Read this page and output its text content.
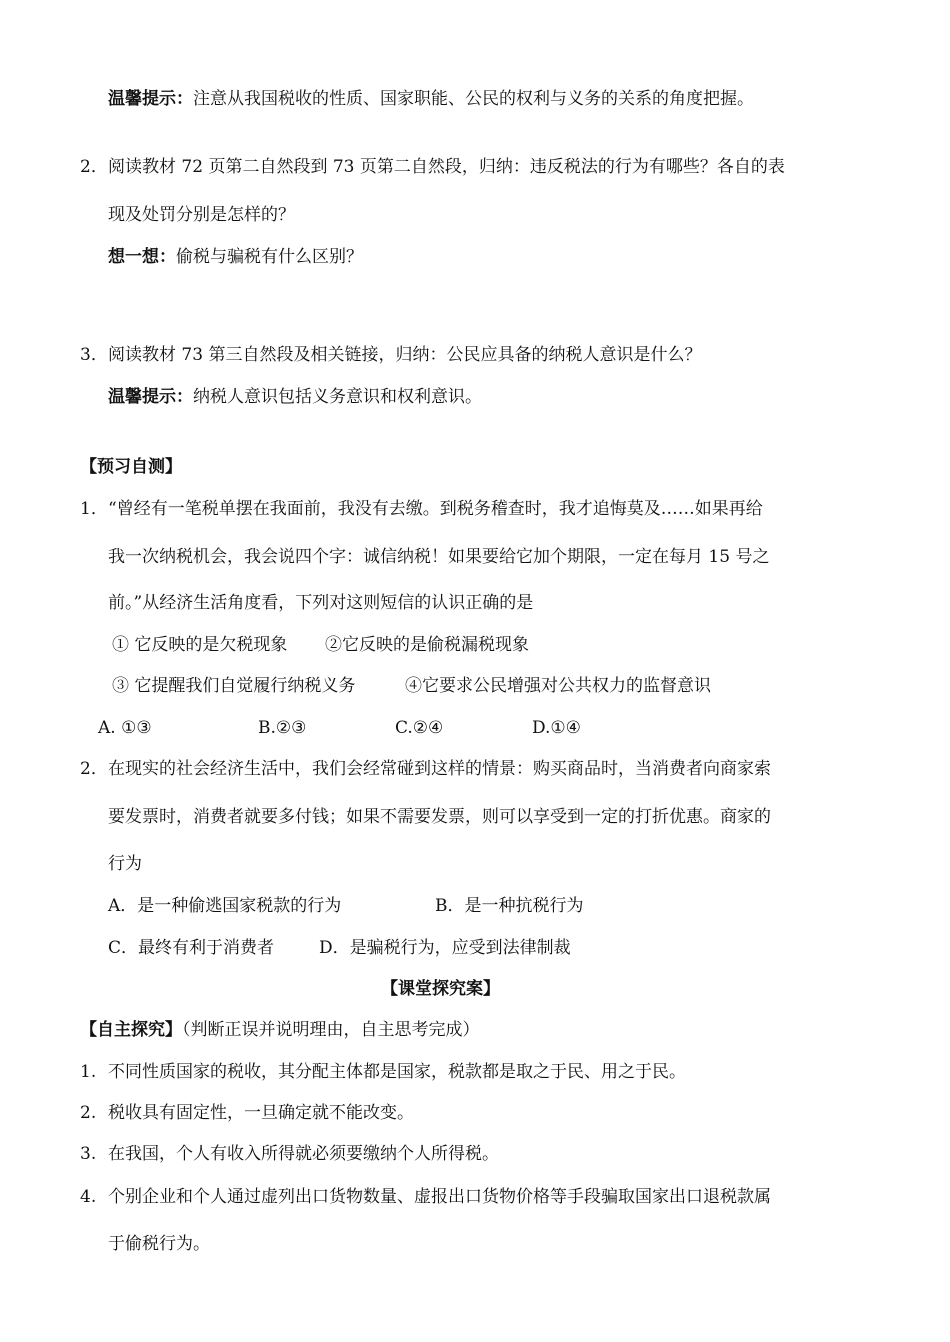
温馨提示：注意从我国税收的性质、国家职能、公民的权利与义务的关系的角度把握。
2．阅读教材 72 页第二自然段到 73 页第二自然段，归纳：违反税法的行为有哪些？各自的表
现及处罚分别是怎样的？
想一想：偷税与骗税有什么区别？
3．阅读教材 73 第三自然段及相关链接，归纳：公民应具备的纳税人意识是什么？
温馨提示：纳税人意识包括义务意识和权利意识。
【预习自测】
1．“曾经有一笔税单摆在我面前，我没有去缴。到税务稽查时，我才追悔莫及……如果再给
我一次纳税机会，我会说四个字：诚信纳税！如果要给它加个期限，一定在每月 15 号之
前。”从经济生活角度看，下列对这则短信的认识正确的是
① 它反映的是欠税现象 ②它反映的是偷税漏税现象
③ 它提醒我们自觉履行纳税义务	④它要求公民增强对公共权力的监督意识
A. ①③	B.②③	C.②④	D.①④
2．在现实的社会经济生活中，我们会经常碰到这样的情景：购买商品时，当消费者向商家索
要发票时，消费者就要多付钱；如果不需要发票，则可以享受到一定的打折优惠。商家的
行为
A．是一种偷逃国家税款的行为	B．是一种抗税行为
C．最终有利于消费者	D．是骗税行为，应受到法律制裁
【课堂探究案】
【自主探究】（判断正误并说明理由，自主思考完成）
1. 不同性质国家的税收，其分配主体都是国家，税款都是取之于民、用之于民。
2. 税收具有固定性，一旦确定就不能改变。
3. 在我国，个人有收入所得就必须要缴纳个人所得税。
4. 个别企业和个人通过虚列出口货物数量、虚报出口货物价格等手段骗取国家出口退税款属
于偷税行为。
